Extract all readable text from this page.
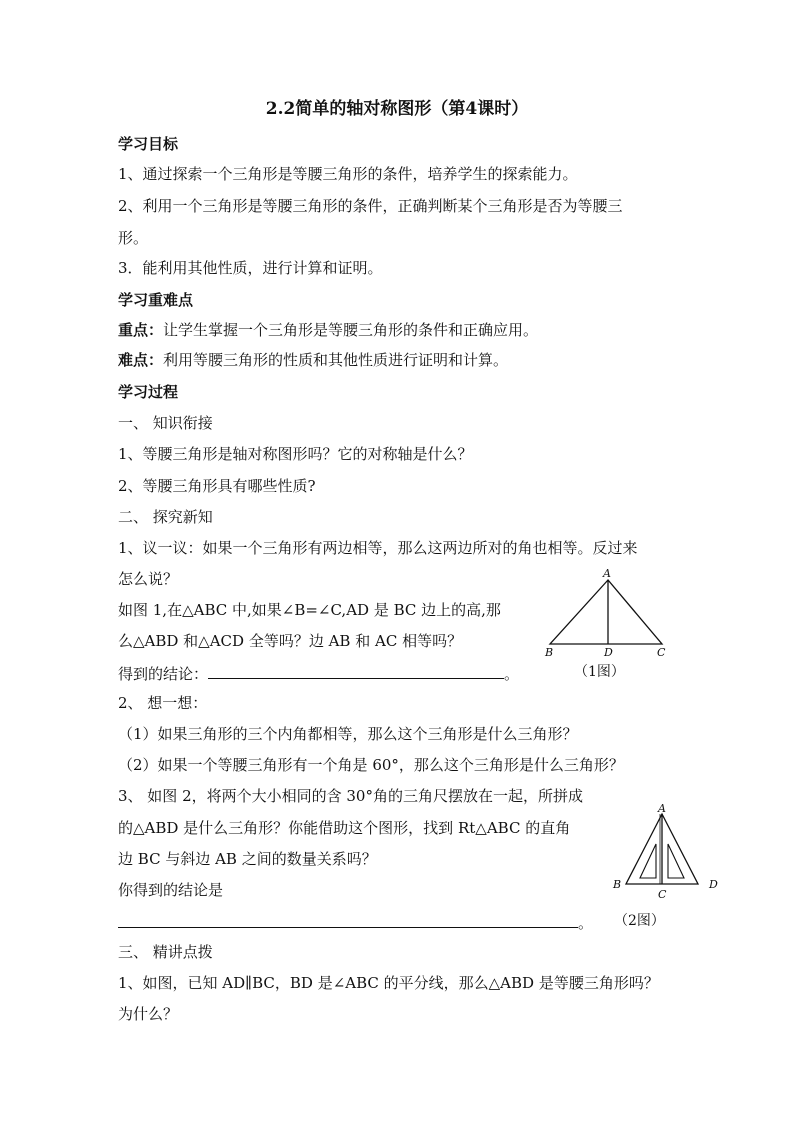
2.2简单的轴对称图形（第4课时）
学习目标
1、通过探索一个三角形是等腰三角形的条件，培养学生的探索能力。
2、利用一个三角形是等腰三角形的条件，正确判断某个三角形是否为等腰三
形。
3．能利用其他性质，进行计算和证明。
学习重难点
重点：让学生掌握一个三角形是等腰三角形的条件和正确应用。
难点：利用等腰三角形的性质和其他性质进行证明和计算。
学习过程
一、 知识衔接
1、等腰三角形是轴对称图形吗？它的对称轴是什么？
2、等腰三角形具有哪些性质?
二、 探究新知
1、议一议：如果一个三角形有两边相等，那么这两边所对的角也相等。反过来
怎么说？
如图 1,在△ABC 中,如果∠B=∠C,AD 是 BC 边上的高,那
么△ABD 和△ACD 全等吗？边 AB 和 AC 相等吗？
得到的结论：	。
A
B	D	C
（1图）
2、 想一想：
（1）如果三角形的三个内角都相等，那么这个三角形是什么三角形？
（2）如果一个等腰三角形有一个角是 60°，那么这个三角形是什么三角形？
3、 如图 2，将两个大小相同的含 30°角的三角尺摆放在一起，所拼成
的△ABD 是什么三角形？你能借助这个图形，找到 Rt△ABC 的直角
边 BC 与斜边 AB 之间的数量关系吗？
你得到的结论是
。
A
B
C
D
（2图）
三、 精讲点拨
1、如图，已知 AD∥BC，BD 是∠ABC 的平分线，那么△ABD 是等腰三角形吗？
为什么？
